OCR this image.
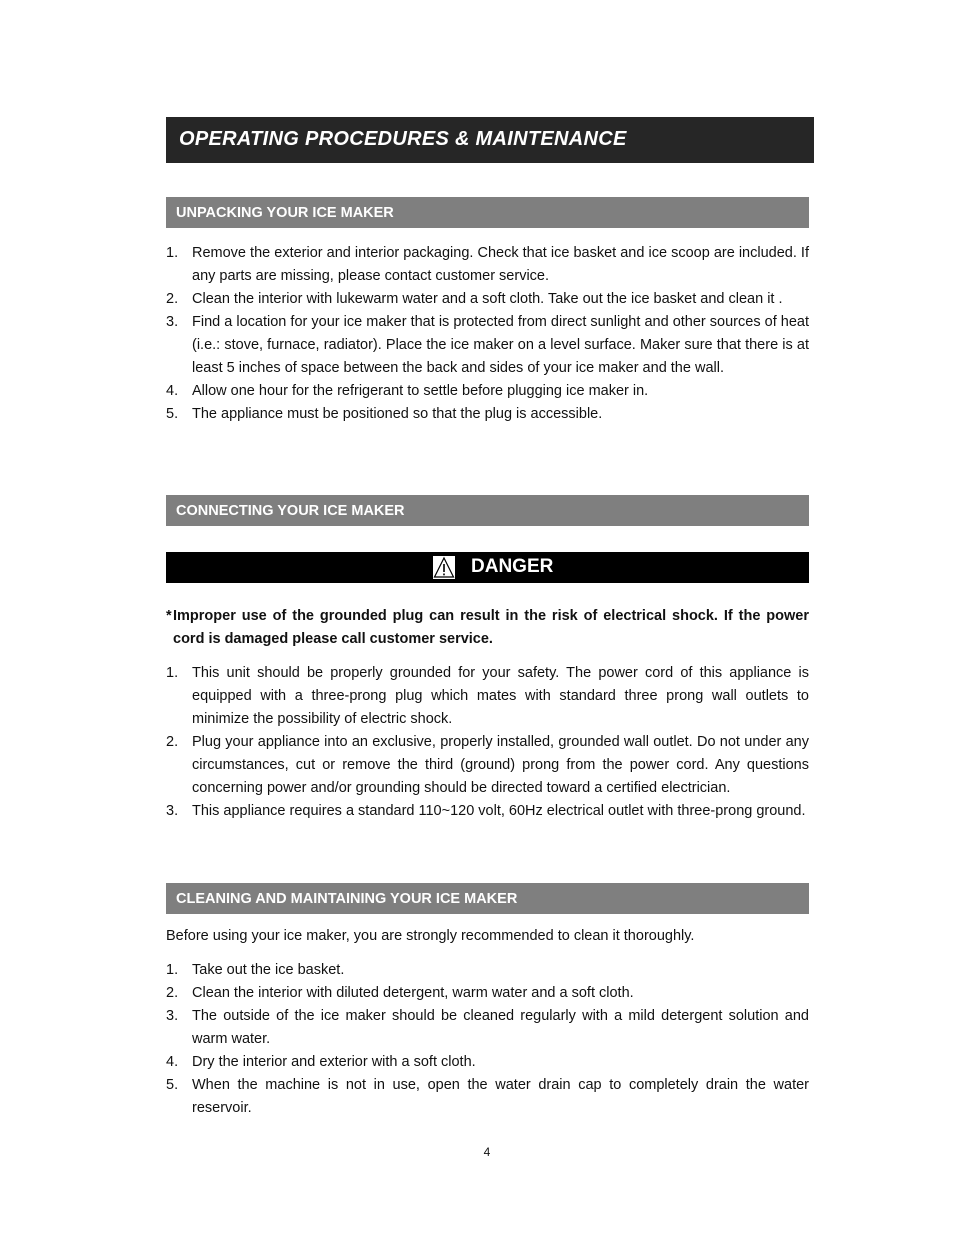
OPERATING PROCEDURES & MAINTENANCE
UNPACKING YOUR ICE MAKER
1. Remove the exterior and interior packaging. Check that ice basket and ice scoop are included. If any parts are missing, please contact customer service.
2. Clean the interior with lukewarm water and a soft cloth. Take out the ice basket and clean it .
3. Find a location for your ice maker that is protected from direct sunlight and other sources of heat (i.e.: stove, furnace, radiator). Place the ice maker on a level surface. Maker sure that there is at least 5 inches of space between the back and sides of your ice maker and the wall.
4. Allow one hour for the refrigerant to settle before plugging ice maker in.
5. The appliance must be positioned so that the plug is accessible.
CONNECTING YOUR ICE MAKER
DANGER
* Improper use of the grounded plug can result in the risk of electrical shock. If the power cord is damaged please call customer service.
1. This unit should be properly grounded for your safety. The power cord of this appliance is equipped with a three-prong plug which mates with standard three prong wall outlets to minimize the possibility of electric shock.
2. Plug your appliance into an exclusive, properly installed, grounded wall outlet. Do not under any circumstances, cut or remove the third (ground) prong from the power cord. Any questions concerning power and/or grounding should be directed toward a certified electrician.
3. This appliance requires a standard 110~120 volt, 60Hz electrical outlet with three-prong ground.
CLEANING AND MAINTAINING YOUR ICE MAKER
Before using your ice maker, you are strongly recommended to clean it thoroughly.
1. Take out the ice basket.
2. Clean the interior with diluted detergent, warm water and a soft cloth.
3. The outside of the ice maker should be cleaned regularly with a mild detergent solution and warm water.
4. Dry the interior and exterior with a soft cloth.
5. When the machine is not in use, open the water drain cap to completely drain the water reservoir.
4
